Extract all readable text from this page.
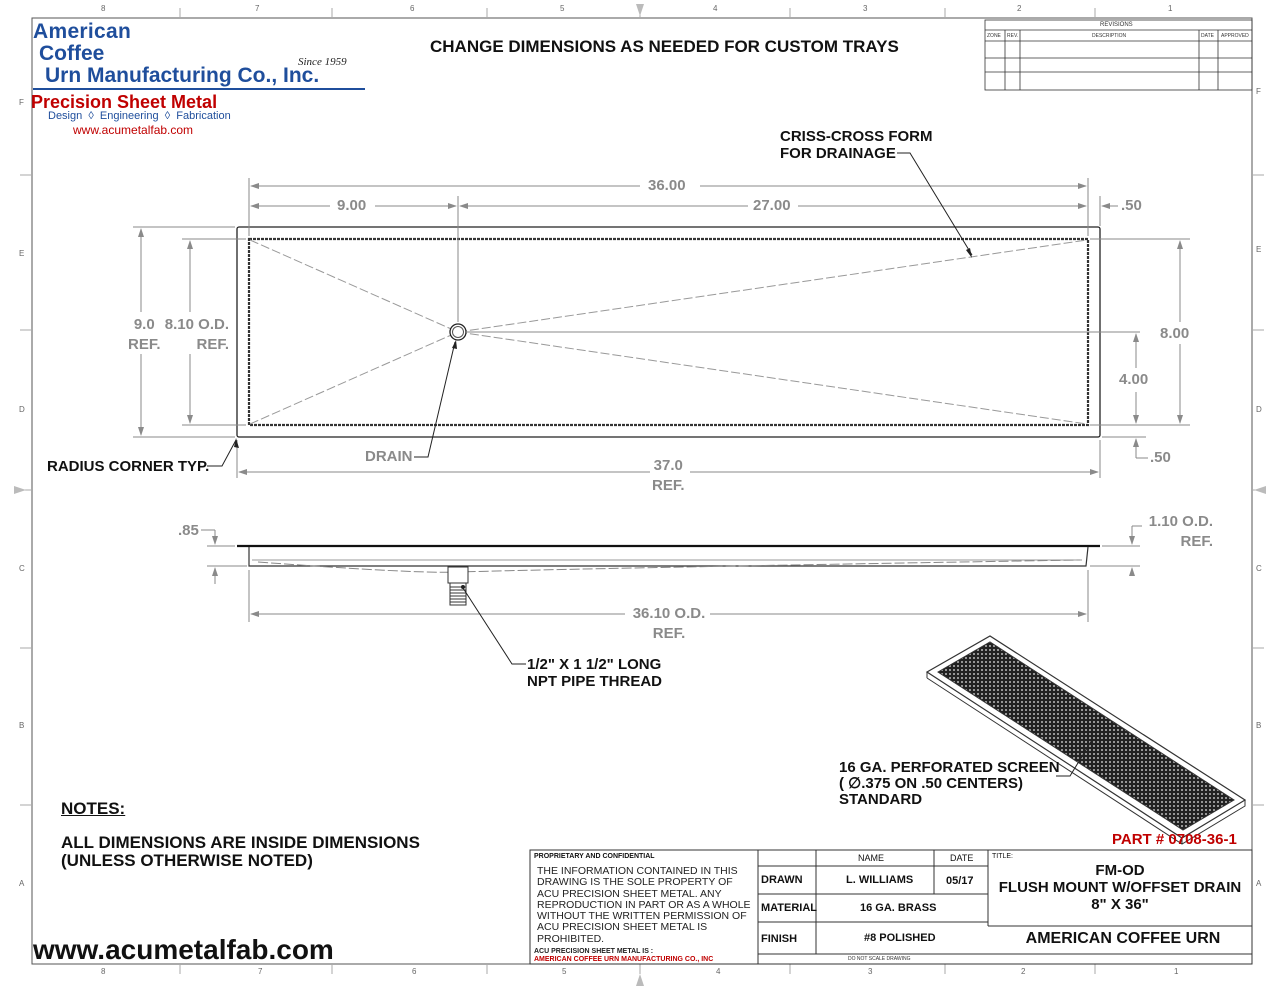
8	7	6	5	4	3	2	1
8	7	6	5	4	3	2	1
F
E
D
C
B
A
F
E
D
C
B
A
American
Coffee
Urn Manufacturing Co., Inc.
Since 1959
Precision Sheet Metal
Design  ◊  Engineering  ◊  Fabrication
www.acumetalfab.com
CHANGE DIMENSIONS AS NEEDED FOR CUSTOM TRAYS
REVISIONS
ZONE REV.	DESCRIPTION	DATE APPROVED
CRISS-CROSS FORM
FOR DRAINAGE
36.00
9.00	27.00	.50
9.0
REF.
8.10 O.D.
REF.
8.00
4.00
.50
RADIUS CORNER TYP.
DRAIN
37.0
REF.
.85
1.10 O.D.
REF.
36.10 O.D.
REF.
1/2" X 1 1/2" LONG
NPT PIPE THREAD
16 GA. PERFORATED SCREEN
( ∅.375 ON .50 CENTERS)
STANDARD
NOTES:
ALL DIMENSIONS ARE INSIDE DIMENSIONS
(UNLESS OTHERWISE NOTED)
www.acumetalfab.com
PART # 0708-36-1
PROPRIETARY AND CONFIDENTIAL
THE INFORMATION CONTAINED IN THIS DRAWING IS THE SOLE PROPERTY OF ACU PRECISION SHEET METAL. ANY REPRODUCTION IN PART OR AS A WHOLE WITHOUT THE WRITTEN PERMISSION OF ACU PRECISION SHEET METAL IS PROHIBITED.
ACU PRECISION SHEET METAL IS :
AMERICAN COFFEE URN MANUFACTURING CO., INC
NAME	DATE	TITLE:
DRAWN	L. WILLIAMS	05/17
MATERIAL	16 GA. BRASS
FINISH	#8 POLISHED
DO NOT SCALE DRAWING
FM-OD
FLUSH MOUNT W/OFFSET DRAIN
8" X 36"
AMERICAN COFFEE URN
